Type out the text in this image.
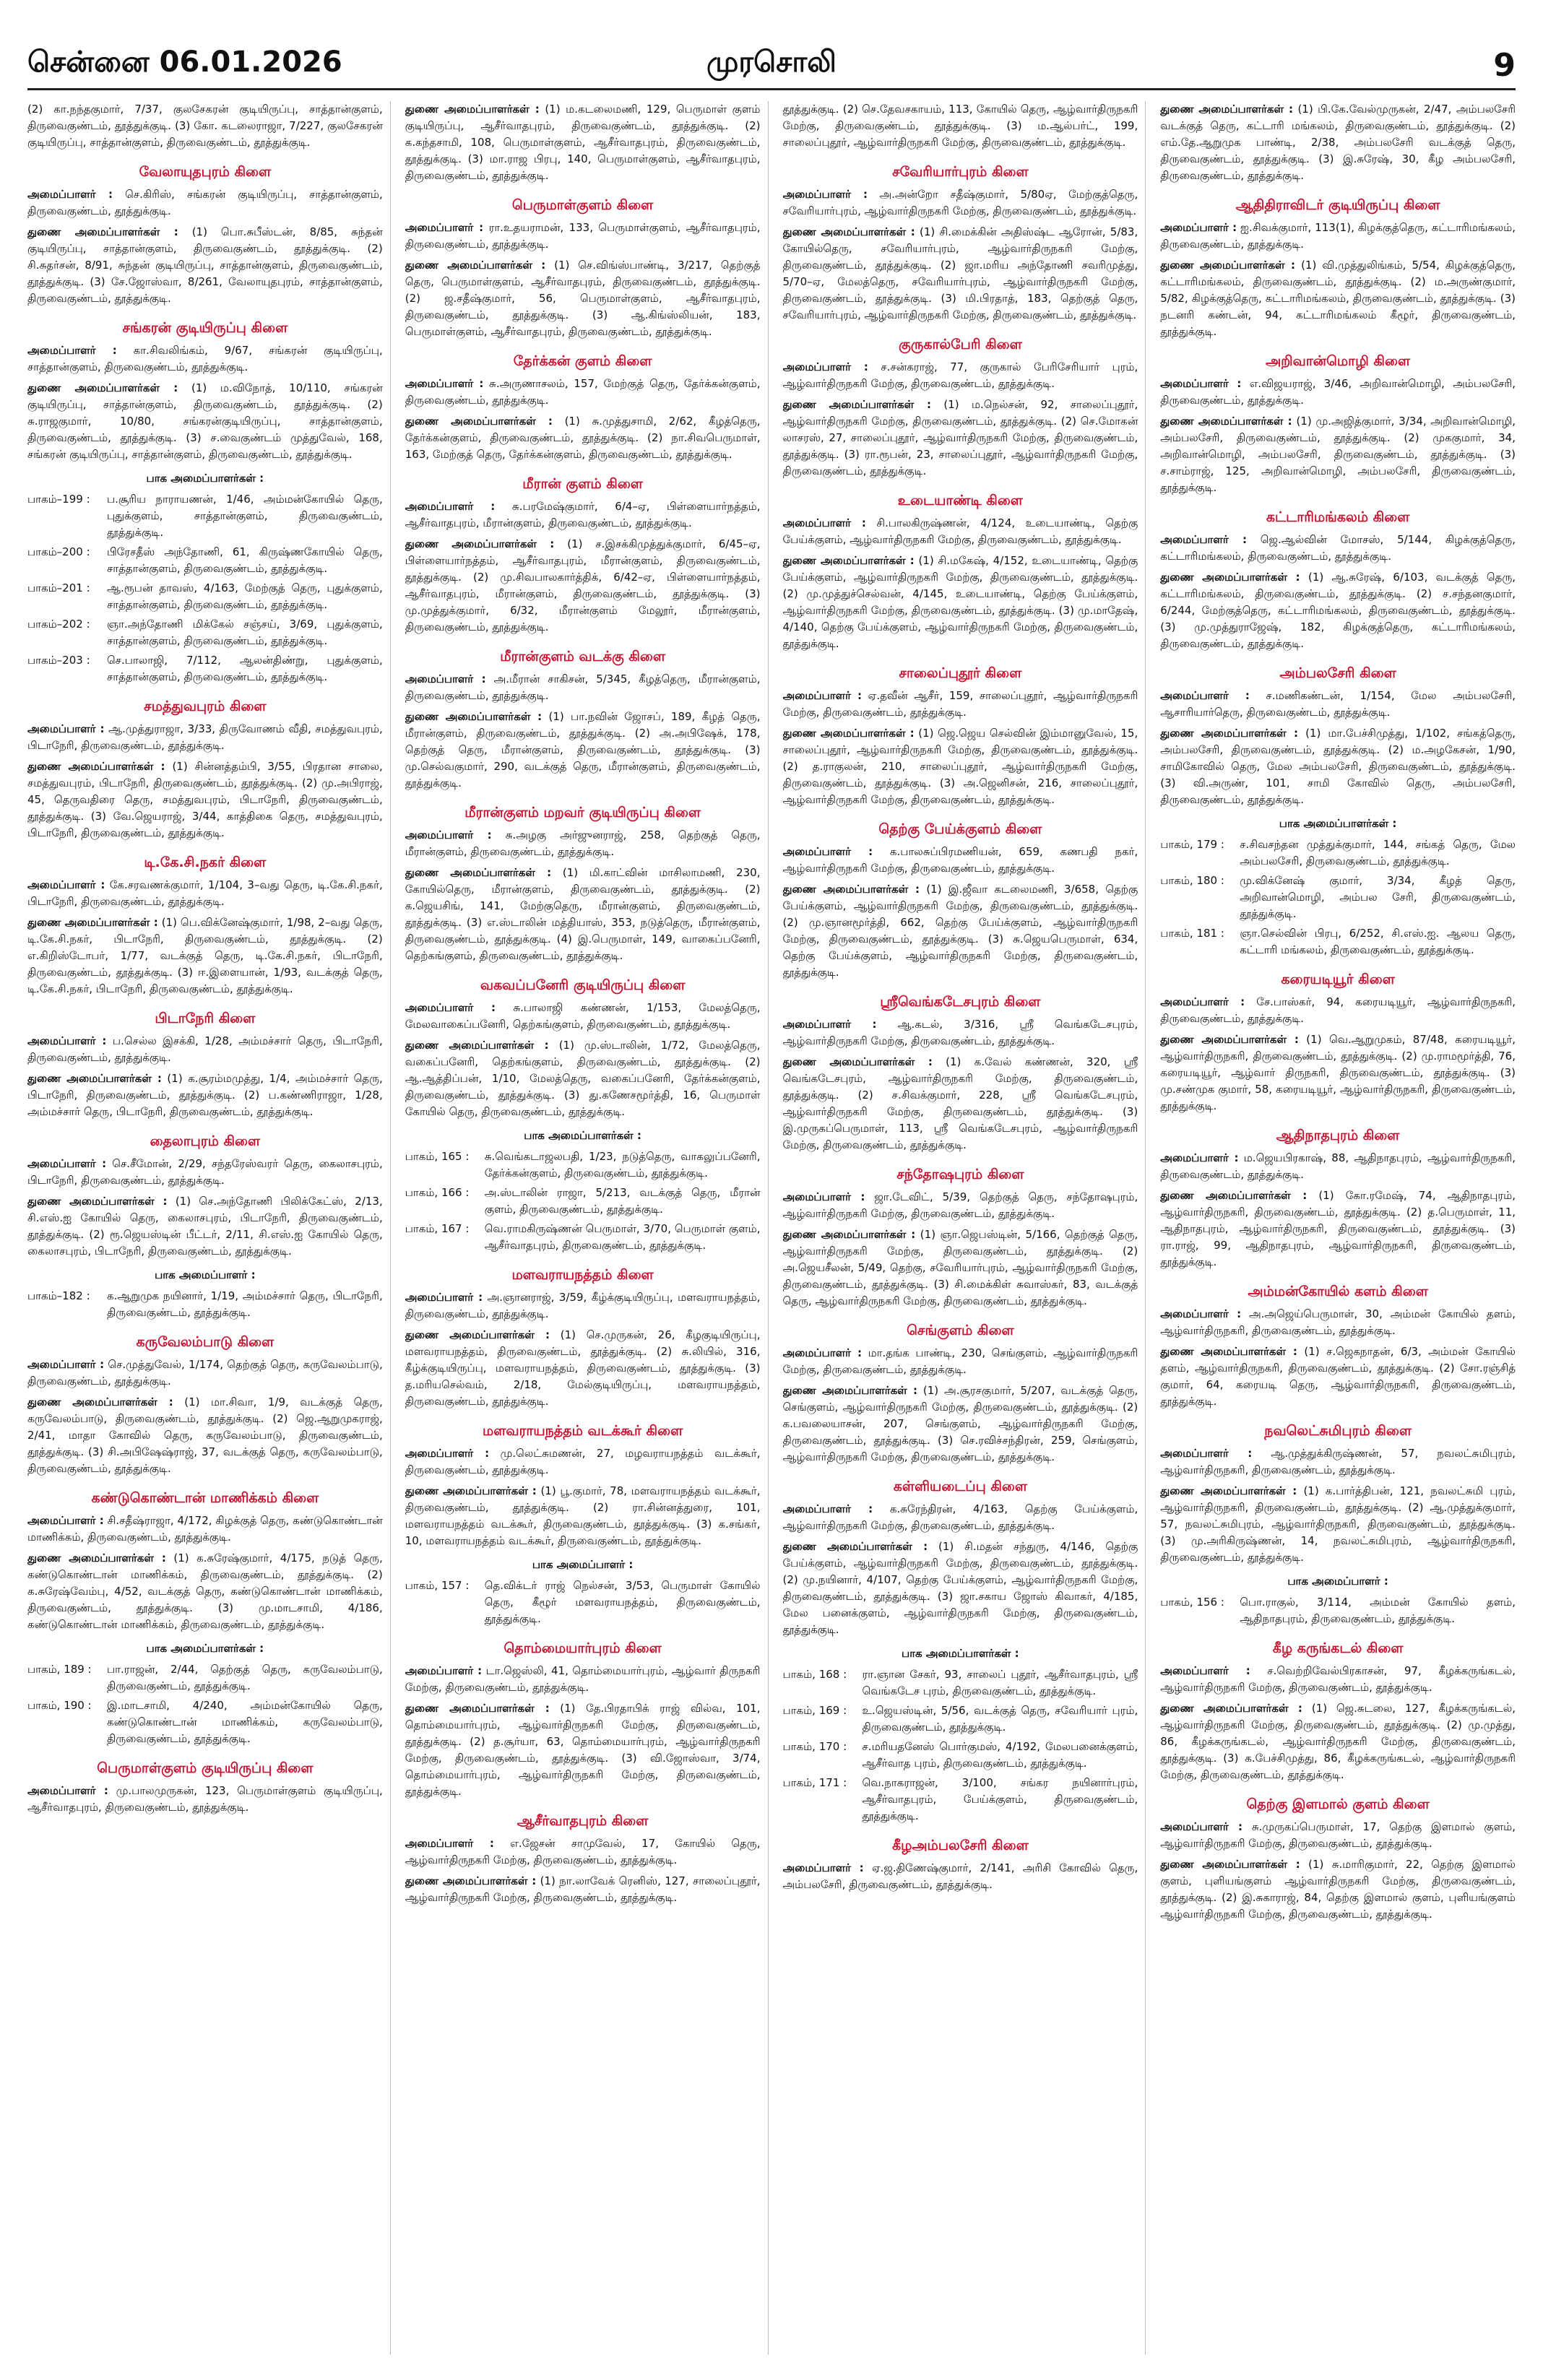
சென்னை 06.01.2026	முரசொலி	9

(2) கா.நந்தகுமார், 7/37, குலசேகரன் குடியிருப்பு, சாத்தான்குளம், திருவைகுண்டம், தூத்துக்குடி. (3) கோ. கடலைராஜா, 7/227, குலசேகரன் குடியிருப்பு, சாத்தான்குளம், திருவைகுண்டம், தூத்துக்குடி.

வேலாயுதபுரம் கிளை

அமைப்பாளர் : செ.கிரிஸ், சங்கரன் குடியிருப்பு, சாத்தான்குளம், திருவைகுண்டம், தூத்துக்குடி.

துணை அமைப்பாளர்கள் : (1) பொ.சுபீஸ்டன், 8/85, சுந்தன் குடியிருப்பு, சாத்தான்குளம், திருவைகுண்டம், தூத்துக்குடி. (2) சி.சுதர்சன், 8/91, சுந்தன் குடியிருப்பு, சாத்தான்குளம், திருவைகுண்டம், தூத்துக்குடி. (3) சே.ஜோஸ்வா, 8/261, வேலாயுதபுரம், சாத்தான்குளம், திருவைகுண்டம், தூத்துக்குடி.

சங்கரன் குடியிருப்பு கிளை

அமைப்பாளர் : கா.சிவலிங்கம், 9/67, சங்கரன் குடியிருப்பு, சாத்தான்குளம், திருவைகுண்டம், தூத்துக்குடி.

துணை அமைப்பாளர்கள் : (1) ம.விநோத், 10/110, சங்கரன் குடியிருப்பு, சாத்தான்குளம், திருவைகுண்டம், தூத்துக்குடி. (2) சு.ராஜகுமார், 10/80, சங்கரன்குடியிருப்பு, சாத்தான்குளம், திருவைகுண்டம், தூத்துக்குடி. (3) ச.வைகுண்டம் முத்துவேல், 168, சங்கரன் குடியிருப்பு, சாத்தான்குளம், திருவைகுண்டம், தூத்துக்குடி.

பாக அமைப்பாளர்கள் :
பாகம்–199 :	ப.சூரிய நாராயணன், 1/46, அம்மன்கோயில் தெரு, புதுக்குளம், சாத்தான்குளம், திருவைகுண்டம், தூத்துக்குடி.
பாகம்–200 :	பிரேசதீஸ் அந்தோணி, 61, கிருஷ்ணகோயில் தெரு, சாத்தான்குளம், திருவைகுண்டம், தூத்துக்குடி.
பாகம்–201 :	ஆ.ரூபன் தாவஸ், 4/163, மேற்குத் தெரு, புதுக்குளம், சாத்தான்குளம், திருவைகுண்டம், தூத்துக்குடி.
பாகம்–202 :	ஞா.அந்தோணி மிக்கேல் சஞ்சய், 3/69, புதுக்குளம், சாத்தான்குளம், திருவைகுண்டம், தூத்துக்குடி.
பாகம்–203 :	செ.பாலாஜி, 7/112, ஆலன்திண்று, புதுக்குளம், சாத்தான்குளம், திருவைகுண்டம், தூத்துக்குடி.
சமத்துவபுரம் கிளை

அமைப்பாளர் : ஆ.முத்துராஜா, 3/33, திருவோணம் வீதி, சமத்துவபுரம், பிடாநேரி, திருவைகுண்டம், தூத்துக்குடி.

துணை அமைப்பாளர்கள் : (1) சின்னத்தம்பி, 3/55, பிரதான சாலை, சமத்துவபுரம், பிடாநேரி, திருவைகுண்டம், தூத்துக்குடி. (2) மு.அபிராஜ், 45, தெருவதிரை தெரு, சமத்துவபுரம், பிடாநேரி, திருவைகுண்டம், தூத்துக்குடி. (3) வே.ஜெயராஜ், 3/44, காத்திகை தெரு, சமத்துவபுரம், பிடாநேரி, திருவைகுண்டம், தூத்துக்குடி.

டி.கே.சி.நகர் கிளை

அமைப்பாளர் : கே.சரவணக்குமார், 1/104, 3–வது தெரு, டி.கே.சி.நகர், பிடாநேரி, திருவைகுண்டம், தூத்துக்குடி.

துணை அமைப்பாளர்கள் : (1) பெ.விக்னேஷ்குமார், 1/98, 2–வது தெரு, டி.கே.சி.நகர், பிடாநேரி, திருவைகுண்டம், தூத்துக்குடி. (2) எ.கிறிஸ்டோபர், 1/77, வடக்குத் தெரு, டி.கே.சி.நகர், பிடாநேரி, திருவைகுண்டம், தூத்துக்குடி. (3) ஈ.இளையான், 1/93, வடக்குத் தெரு, டி.கே.சி.நகர், பிடாநேரி, திருவைகுண்டம், தூத்துக்குடி.

பிடாநேரி கிளை

அமைப்பாளர் : ப.செல்ல இசக்கி, 1/28, அம்மச்சார் தெரு, பிடாநேரி, திருவைகுண்டம், தூத்துக்குடி.

துணை அமைப்பாளர்கள் : (1) க.சூரம்மமுத்து, 1/4, அம்மச்சார் தெரு, பிடாநேரி, திருவைகுண்டம், தூத்துக்குடி. (2) ப.கண்ணிராஜா, 1/28, அம்மச்சார் தெரு, பிடாநேரி, திருவைகுண்டம், தூத்துக்குடி.

தைலாபுரம் கிளை

அமைப்பாளர் : செ.சீமோன், 2/29, சந்தரேஸ்வரர் தெரு, கைலாசபுரம், பிடாநேரி, திருவைகுண்டம், தூத்துக்குடி.

துணை அமைப்பாளர்கள் : (1) செ.அந்தோணி பிலிக்கேட்ஸ், 2/13, சி.எஸ்.ஐ கோயில் தெரு, கைலாசபுரம், பிடாநேரி, திருவைகுண்டம், தூத்துக்குடி. (2) ரூ.ஜெயஸ்டின் பீட்டர், 2/11, சி.எஸ்.ஐ கோயில் தெரு, கைலாசபுரம், பிடாநேரி, திருவைகுண்டம், தூத்துக்குடி.

பாக அமைப்பாளர் :
பாகம்–182 :	க.ஆறுமுக நயினார், 1/19, அம்மச்சார் தெரு, பிடாநேரி, திருவைகுண்டம், தூத்துக்குடி.
கருவேலம்பாடு கிளை

அமைப்பாளர் : செ.முத்துவேல், 1/174, தெற்குத் தெரு, கருவேலம்பாடு, திருவைகுண்டம், தூத்துக்குடி.

துணை அமைப்பாளர்கள் : (1) மா.சிவா, 1/9, வடக்குத் தெரு, கருவேலம்பாடு, திருவைகுண்டம், தூத்துக்குடி. (2) ஜெ.ஆறுமுகராஜ், 2/41, மாதா கோவில் தெரு, கருவேலம்பாடு, திருவைகுண்டம், தூத்துக்குடி. (3) சி.அபிஷேஷ்ராஜ், 37, வடக்குத் தெரு, கருவேலம்பாடு, திருவைகுண்டம், தூத்துக்குடி.

கண்டுகொண்டான் மாணிக்கம் கிளை

அமைப்பாளர் : சி.சதீஷ்ராஜா, 4/172, கிழக்குத் தெரு, கண்டுகொண்டான் மாணிக்கம், திருவைகுண்டம், தூத்துக்குடி.

துணை அமைப்பாளர்கள் : (1) க.சுரேஷ்குமார், 4/175, நடுத் தெரு, கண்டுகொண்டான் மாணிக்கம், திருவைகுண்டம், தூத்துக்குடி. (2) க.சுரேஷ்வேம்பு, 4/52, வடக்குத் தெரு, கண்டுகொண்டான் மாணிக்கம், திருவைகுண்டம், தூத்துக்குடி. (3) மு.மாடசாமி, 4/186, கண்டுகொண்டான் மாணிக்கம், திருவைகுண்டம், தூத்துக்குடி.

பாக அமைப்பாளர்கள் :
பாகம், 189 :	பா.ராஜன், 2/44, தெற்குத் தெரு, கருவேலம்பாடு, திருவைகுண்டம், தூத்துக்குடி.
பாகம், 190 :	இ.மாடசாமி, 4/240, அம்மன்கோயில் தெரு, கண்டுகொண்டான் மாணிக்கம், கருவேலம்பாடு, திருவைகுண்டம், தூத்துக்குடி.
பெருமாள்குளம் குடியிருப்பு கிளை

அமைப்பாளர் : மு.பாலமுருகன், 123, பெருமாள்குளம் குடியிருப்பு, ஆசீர்வாதபுரம், திருவைகுண்டம், தூத்துக்குடி.

துணை அமைப்பாளர்கள் : (1) ம.கடலைமணி, 129, பெருமாள் குளம் குடியிருப்பு, ஆசீர்வாதபுரம், திருவைகுண்டம், தூத்துக்குடி. (2) க.கந்தசாமி, 108, பெருமாள்குளம், ஆசீர்வாதபுரம், திருவைகுண்டம், தூத்துக்குடி. (3) மா.ராஜ பிரபு, 140, பெருமாள்குளம், ஆசீர்வாதபுரம், திருவைகுண்டம், தூத்துக்குடி.

பெருமாள்குளம் கிளை

அமைப்பாளர் : ரா.உதயராமன், 133, பெருமாள்குளம், ஆசீர்வாதபுரம், திருவைகுண்டம், தூத்துக்குடி.

துணை அமைப்பாளர்கள் : (1) செ.விங்ஸ்பாண்டி, 3/217, தெற்குத் தெரு, பெருமாள்குளம், ஆசீர்வாதபுரம், திருவைகுண்டம், தூத்துக்குடி. (2) ஜ.சதீஷ்குமார், 56, பெருமாள்குளம், ஆசீர்வாதபுரம், திருவைகுண்டம், தூத்துக்குடி. (3) ஆ.கிங்ஸ்லியன், 183, பெருமாள்குளம், ஆசீர்வாதபுரம், திருவைகுண்டம், தூத்துக்குடி.

தேர்க்கன் குளம் கிளை

அமைப்பாளர் : சு.அருணாசலம், 157, மேற்குத் தெரு, தேர்க்கன்குளம், திருவைகுண்டம், தூத்துக்குடி.

துணை அமைப்பாளர்கள் : (1) சு.முத்துசாமி, 2/62, கீழத்தெரு, தேர்க்கன்குளம், திருவைகுண்டம், தூத்துக்குடி. (2) நா.சிவபெருமாள், 163, மேற்குத் தெரு, தேர்க்கன்குளம், திருவைகுண்டம், தூத்துக்குடி.

மீரான் குளம் கிளை

அமைப்பாளர் : சு.பரமேஷ்குமார், 6/4–ஏ, பிள்ளையார்நத்தம், ஆசீர்வாதபுரம், மீரான்குளம், திருவைகுண்டம், தூத்துக்குடி.

துணை அமைப்பாளர்கள் : (1) ச.இசக்கிமுத்துக்குமார், 6/45–ஏ, பிள்ளையார்நத்தம், ஆசீர்வாதபுரம், மீரான்குளம், திருவைகுண்டம், தூத்துக்குடி. (2) மு.சிவபாலகார்த்திக், 6/42–ஏ, பிள்ளையார்நத்தம், ஆசீர்வாதபுரம், மீரான்குளம், திருவைகுண்டம், தூத்துக்குடி. (3) மு.முத்துக்குமார், 6/32, மீரான்குளம் மேலூர், மீரான்குளம், திருவைகுண்டம், தூத்துக்குடி.

மீரான்குளம் வடக்கு கிளை

அமைப்பாளர் : அ.மீரான் சாகிசன், 5/345, கீழத்தெரு, மீரான்குளம், திருவைகுண்டம், தூத்துக்குடி.

துணை அமைப்பாளர்கள் : (1) பா.நவின் ஜோசப், 189, கீழத் தெரு, மீரான்குளம், திருவைகுண்டம், தூத்துக்குடி. (2) அ.அபிஷேக், 178, தெற்குத் தெரு, மீரான்குளம், திருவைகுண்டம், தூத்துக்குடி. (3) மு.செல்வகுமார், 290, வடக்குத் தெரு, மீரான்குளம், திருவைகுண்டம், தூத்துக்குடி.

மீரான்குளம் மறவர் குடியிருப்பு கிளை

அமைப்பாளர் : சு.அழகு அர்ஜுனராஜ், 258, தெற்குத் தெரு, மீரான்குளம், திருவைகுண்டம், தூத்துக்குடி.

துணை அமைப்பாளர்கள் : (1) மி.காட்வின் மாசிலாமணி, 230, கோயில்தெரு, மீரான்குளம், திருவைகுண்டம், தூத்துக்குடி. (2) க.ஜெயசிங், 141, மேற்குதெரு, மீரான்குளம், திருவைகுண்டம், தூத்துக்குடி. (3) எ.ஸ்டாலின் மத்தியாஸ், 353, நடுத்தெரு, மீரான்குளம், திருவைகுண்டம், தூத்துக்குடி. (4) இ.பெருமாள், 149, வாகைப்பனேரி, தெற்கங்குளம், திருவைகுண்டம், தூத்துக்குடி.

வகவப்பனேரி குடியிருப்பு கிளை

அமைப்பாளர் : சு.பாலாஜி கண்ணன், 1/153, மேலத்தெரு, மேலவாகைப்பனேரி, தெற்கங்குளம், திருவைகுண்டம், தூத்துக்குடி.

துணை அமைப்பாளர்கள் : (1) மு.ஸ்டாலின், 1/72, மேலத்தெரு, வகைப்பனேரி, தெற்கங்குளம், திருவைகுண்டம், தூத்துக்குடி. (2) ஆ.ஆத்திப்பன், 1/10, மேலத்தெரு, வகைப்பனேரி, தேர்க்கன்குளம், திருவைகுண்டம், தூத்துக்குடி. (3) து.கணேசமூர்த்தி, 16, பெருமாள் கோயில் தெரு, திருவைகுண்டம், தூத்துக்குடி.

பாக அமைப்பாளர்கள் :
பாகம், 165 :	சு.வெங்கடாஜலபதி, 1/23, நடுத்தெரு, வாகலுப்பனேரி, தேர்க்கன்குளம், திருவைகுண்டம், தூத்துக்குடி.
பாகம், 166 :	அ.ஸ்டாலின் ராஜா, 5/213, வடக்குத் தெரு, மீரான் குளம், திருவைகுண்டம், தூத்துக்குடி.
பாகம், 167 :	வெ.ராமகிருஷ்ணன் பெருமாள், 3/70, பெருமாள் குளம், ஆசீர்வாதபுரம், திருவைகுண்டம், தூத்துக்குடி.
மளவராயநத்தம் கிளை

அமைப்பாளர் : அ.ஞானராஜ், 3/59, கீழ்க்குடியிருப்பு, மளவராயநத்தம், திருவைகுண்டம், தூத்துக்குடி.

துணை அமைப்பாளர்கள் : (1) செ.முருகன், 26, கீழகுடியிருப்பு, மளவராயநத்தம், திருவைகுண்டம், தூத்துக்குடி. (2) சு.லியில், 316, கீழ்க்குடியிருப்பு, மளவராயநத்தம், திருவைகுண்டம், தூத்துக்குடி. (3) த.மரியசெல்வம், 2/18, மேல்குடியிருப்பு, மளவராயநத்தம், திருவைகுண்டம், தூத்துக்குடி.

மளவராயநத்தம் வடக்கூர் கிளை

அமைப்பாளர் : மு.லெட்சுமணன், 27, மழவராயநத்தம் வடக்கூர், திருவைகுண்டம், தூத்துக்குடி.

துணை அமைப்பாளர்கள் : (1) பூ.குமார், 78, மளவராயநத்தம் வடக்கூர், திருவைகுண்டம், தூத்துக்குடி. (2) ரா.சின்னத்துரை, 101, மளவராயநத்தம் வடக்கூர், திருவைகுண்டம், தூத்துக்குடி. (3) க.சங்கர், 10, மளவராயநத்தம் வடக்கூர், திருவைகுண்டம், தூத்துக்குடி.

பாக அமைப்பாளர் :
பாகம், 157 :	தெ.விக்டர் ராஜ் நெல்சன், 3/53, பெருமாள் கோயில் தெரு, கீழூர் மளவராயநத்தம், திருவைகுண்டம், தூத்துக்குடி.
தொம்மையார்புரம் கிளை

அமைப்பாளர் : டா.ஜெஸ்லி, 41, தொம்மையார்புரம், ஆழ்வார் திருநகரி மேற்கு, திருவைகுண்டம், தூத்துக்குடி.

துணை அமைப்பாளர்கள் : (1) தே.பிரதாபிக் ராஜ் வில்வ, 101, தொம்மையார்புரம், ஆழ்வார்திருநகரி மேற்கு, திருவைகுண்டம், தூத்துக்குடி. (2) த.சூர்யா, 63, தொம்மையார்புரம், ஆழ்வார்திருநகரி மேற்கு, திருவைகுண்டம், தூத்துக்குடி. (3) வி.ஜோஸ்வா, 3/74, தொம்மையார்புரம், ஆழ்வார்திருநகரி மேற்கு, திருவைகுண்டம், தூத்துக்குடி.

ஆசீர்வாதபுரம் கிளை

அமைப்பாளர் : எ.ஜேசன் சாமுவேல், 17, கோயில் தெரு, ஆழ்வார்திருநகரி மேற்கு, திருவைகுண்டம், தூத்துக்குடி.

துணை அமைப்பாளர்கள் : (1) நா.லாவேக் ரெனிஸ், 127, சாலைப்புதூர், ஆழ்வார்திருநகரி மேற்கு, திருவைகுண்டம், தூத்துக்குடி.

தூத்துக்குடி. (2) செ.தேவசகாயம், 113, கோயில் தெரு, ஆழ்வார்திருநகரி மேற்கு, திருவைகுண்டம், தூத்துக்குடி. (3) ம.ஆல்பர்ட், 199, சாலைப்புதூர், ஆழ்வார்திருநகரி மேற்கு, திருவைகுண்டம், தூத்துக்குடி.

சவேரியார்புரம் கிளை

அமைப்பாளர் : அ.அன்றோ சதீஷ்குமார், 5/80ஏ, மேற்குத்தெரு, சவேரியார்புரம், ஆழ்வார்திருநகரி மேற்கு, திருவைகுண்டம், தூத்துக்குடி.

துணை அமைப்பாளர்கள் : (1) சி.மைக்கின் அதிஸ்ஷ்ட ஆரோன், 5/83, கோயில்தெரு, சவேரியார்புரம், ஆழ்வார்திருநகரி மேற்கு, திருவைகுண்டம், தூத்துக்குடி. (2) ஜா.மரிய அந்தோணி சவரிமுத்து, 5/70–ஏ, மேலத்தெரு, சவேரியார்புரம், ஆழ்வார்திருநகரி மேற்கு, திருவைகுண்டம், தூத்துக்குடி. (3) மி.பிரதாத், 183, தெற்குத் தெரு, சவேரியார்புரம், ஆழ்வார்திருநகரி மேற்கு, திருவைகுண்டம், தூத்துக்குடி.

குருகால்பேரி கிளை

அமைப்பாளர் : ச.சன்கராஜ், 77, குருகால் பேரிசேரியார் புரம், ஆழ்வார்திருநகரி மேற்கு, திருவைகுண்டம், தூத்துக்குடி.

துணை அமைப்பாளர்கள் : (1) ம.நெல்சன், 92, சாலைப்புதூர், ஆழ்வார்திருநகரி மேற்கு, திருவைகுண்டம், தூத்துக்குடி. (2) செ.மோகன் லாசரஸ், 27, சாலைப்புதூர், ஆழ்வார்திருநகரி மேற்கு, திருவைகுண்டம், தூத்துக்குடி. (3) ரா.ரூபன், 23, சாலைப்புதூர், ஆழ்வார்திருநகரி மேற்கு, திருவைகுண்டம், தூத்துக்குடி.

உடையாண்டி கிளை

அமைப்பாளர் : சி.பாலகிருஷ்ணன், 4/124, உடையாண்டி, தெற்கு பேய்க்குளம், ஆழ்வார்திருநகரி மேற்கு, திருவைகுண்டம், தூத்துக்குடி.

துணை அமைப்பாளர்கள் : (1) சி.மகேஷ், 4/152, உடையாண்டி, தெற்கு பேய்க்குளம், ஆழ்வார்திருநகரி மேற்கு, திருவைகுண்டம், தூத்துக்குடி. (2) மு.முத்துச்செல்வன், 4/145, உடையாண்டி, தெற்கு பேய்க்குளம், ஆழ்வார்திருநகரி மேற்கு, திருவைகுண்டம், தூத்துக்குடி. (3) மு.மாதேஷ், 4/140, தெற்கு பேய்க்குளம், ஆழ்வார்திருநகரி மேற்கு, திருவைகுண்டம், தூத்துக்குடி.

சாலைப்புதூர் கிளை

அமைப்பாளர் : ஏ.தவீன் ஆசீர், 159, சாலைப்புதூர், ஆழ்வார்திருநகரி மேற்கு, திருவைகுண்டம், தூத்துக்குடி.

துணை அமைப்பாளர்கள் : (1) ஜெ.ஜெய செல்வின் இம்மானுவேல், 15, சாலைப்புதூர், ஆழ்வார்திருநகரி மேற்கு, திருவைகுண்டம், தூத்துக்குடி. (2) த.ராகுலன், 210, சாலைப்புதூர், ஆழ்வார்திருநகரி மேற்கு, திருவைகுண்டம், தூத்துக்குடி. (3) அ.ஜெனிசன், 216, சாலைப்புதூர், ஆழ்வார்திருநகரி மேற்கு, திருவைகுண்டம், தூத்துக்குடி.

தெற்கு பேய்க்குளம் கிளை

அமைப்பாளர் : க.பாலசுப்பிரமணியன், 659, கணபதி நகர், ஆழ்வார்திருநகரி மேற்கு, திருவைகுண்டம், தூத்துக்குடி.

துணை அமைப்பாளர்கள் : (1) இ.ஜீவா கடலைமணி, 3/658, தெற்கு பேய்க்குளம், ஆழ்வார்திருநகரி மேற்கு, திருவைகுண்டம், தூத்துக்குடி. (2) மு.ஞானமூர்த்தி, 662, தெற்கு பேய்க்குளம், ஆழ்வார்திருநகரி மேற்கு, திருவைகுண்டம், தூத்துக்குடி. (3) சு.ஜெயபெருமாள், 634, தெற்கு பேய்க்குளம், ஆழ்வார்திருநகரி மேற்கு, திருவைகுண்டம், தூத்துக்குடி.

ஸ்ரீவெங்கடேசபுரம் கிளை

அமைப்பாளர் : ஆ.கடல், 3/316, ஸ்ரீ வெங்கடேசபுரம், ஆழ்வார்திருநகரி மேற்கு, திருவைகுண்டம், தூத்துக்குடி.

துணை அமைப்பாளர்கள் : (1) க.வேல் கண்ணன், 320, ஸ்ரீ வெங்கடேசபுரம், ஆழ்வார்திருநகரி மேற்கு, திருவைகுண்டம், தூத்துக்குடி. (2) ச.சிவக்குமார், 228, ஸ்ரீ வெங்கடேசபுரம், ஆழ்வார்திருநகரி மேற்கு, திருவைகுண்டம், தூத்துக்குடி. (3) இ.முருகப்பெருமாள், 113, ஸ்ரீ வெங்கடேசபுரம், ஆழ்வார்திருநகரி மேற்கு, திருவைகுண்டம், தூத்துக்குடி.

சந்தோஷபுரம் கிளை

அமைப்பாளர் : ஜா.டேவிட், 5/39, தெற்குத் தெரு, சந்தோஷபுரம், ஆழ்வார்திருநகரி மேற்கு, திருவைகுண்டம், தூத்துக்குடி.

துணை அமைப்பாளர்கள் : (1) ஞா.ஜெபஸ்டின், 5/166, தெற்குத் தெரு, ஆழ்வார்திருநகரி மேற்கு, திருவைகுண்டம், தூத்துக்குடி. (2) அ.ஜெயசீலன், 5/49, தெற்கு, சவேரியார்புரம், ஆழ்வார்திருநகரி மேற்கு, திருவைகுண்டம், தூத்துக்குடி. (3) சி.மைக்கிள் சுவாஸ்கர், 83, வடக்குத் தெரு, ஆழ்வார்திருநகரி மேற்கு, திருவைகுண்டம், தூத்துக்குடி.

செங்குளம் கிளை

அமைப்பாளர் : மா.தங்க பாண்டி, 230, செங்குளம், ஆழ்வார்திருநகரி மேற்கு, திருவைகுண்டம், தூத்துக்குடி.

துணை அமைப்பாளர்கள் : (1) அ.சூரசகுமார், 5/207, வடக்குத் தெரு, செங்குளம், ஆழ்வார்திருநகரி மேற்கு, திருவைகுண்டம், தூத்துக்குடி. (2) க.பவலையாசன், 207, செங்குளம், ஆழ்வார்திருநகரி மேற்கு, திருவைகுண்டம், தூத்துக்குடி. (3) செ.ரவிச்சந்திரன், 259, செங்குளம், ஆழ்வார்திருநகரி மேற்கு, திருவைகுண்டம், தூத்துக்குடி.

கள்ளியடைப்பு கிளை

அமைப்பாளர் : க.சுரேந்திரன், 4/163, தெற்கு பேய்க்குளம், ஆழ்வார்திருநகரி மேற்கு, திருவைகுண்டம், தூத்துக்குடி.

துணை அமைப்பாளர்கள் : (1) சி.மதன் சந்துரு, 4/146, தெற்கு பேய்க்குளம், ஆழ்வார்திருநகரி மேற்கு, திருவைகுண்டம், தூத்துக்குடி. (2) மு.நயினார், 4/107, தெற்கு பேய்க்குளம், ஆழ்வார்திருநகரி மேற்கு, திருவைகுண்டம், தூத்துக்குடி. (3) ஜா.சகாய ஜோஸ் கிவாகர், 4/185, மேல பனைக்குளம், ஆழ்வார்திருநகரி மேற்கு, திருவைகுண்டம், தூத்துக்குடி.

பாக அமைப்பாளர்கள் :
பாகம், 168 :	ரா.ஞான சேகர், 93, சாலைப் புதூர், ஆசீர்வாதபுரம், ஸ்ரீ வெங்கடேச புரம், திருவைகுண்டம், தூத்துக்குடி.
பாகம், 169 :	உ.ஜெயஸ்டின், 5/56, வடக்குத் தெரு, சவேரியார் புரம், திருவைகுண்டம், தூத்துக்குடி.
பாகம், 170 :	ச.மரியதனேஸ் பொர்குமஸ், 4/192, மேலபனைக்குளம், ஆசீர்வாத புரம், திருவைகுண்டம், தூத்துக்குடி.
பாகம், 171 :	வெ.நாகராஜன், 3/100, சங்கர நயினார்புரம், ஆசீர்வாதபுரம், பேய்க்குளம், திருவைகுண்டம், தூத்துக்குடி.
கீழஅம்பலசேரி கிளை

அமைப்பாளர் : ஏ.ஜ.திணேஷ்குமார், 2/141, அரிசி கோவில் தெரு, அம்பலசேரி, திருவைகுண்டம், தூத்துக்குடி.

துணை அமைப்பாளர்கள் : (1) பி.கே.வேல்முருகன், 2/47, அம்பலசேரி வடக்குத் தெரு, கட்டாரி மங்கலம், திருவைகுண்டம், தூத்துக்குடி. (2) எம்.தே.ஆறுமுக பாண்டி, 2/38, அம்பலசேரி வடக்குத் தெரு, திருவைகுண்டம், தூத்துக்குடி. (3) இ.சுரேஷ், 30, கீழ அம்பலசேரி, திருவைகுண்டம், தூத்துக்குடி.

ஆதிதிராவிடர் குடியிருப்பு கிளை

அமைப்பாளர் : ஐ.சிவக்குமார், 113(1), கிழக்குத்தெரு, கட்டாரிமங்கலம், திருவைகுண்டம், தூத்துக்குடி.

துணை அமைப்பாளர்கள் : (1) வி.முத்துலிங்கம், 5/54, கிழக்குத்தெரு, கட்டாரிமங்கலம், திருவைகுண்டம், தூத்துக்குடி. (2) ம.அருண்குமார், 5/82, கிழக்குத்தெரு, கட்டாரிமங்கலம், திருவைகுண்டம், தூத்துக்குடி. (3) நடனரி கண்டன், 94, கட்டாரிமங்கலம் கீழூர், திருவைகுண்டம், தூத்துக்குடி.

அறிவான்மொழி கிளை

அமைப்பாளர் : எ.விஜயராஜ், 3/46, அறிவான்மொழி, அம்பலசேரி, திருவைகுண்டம், தூத்துக்குடி.

துணை அமைப்பாளர்கள் : (1) மு.அஜித்குமார், 3/34, அறிவான்மொழி, அம்பலசேரி, திருவைகுண்டம், தூத்துக்குடி. (2) முககுமார், 34, அறிவான்மொழி, அம்பலசேரி, திருவைகுண்டம், தூத்துக்குடி. (3) ச.சாம்ராஜ், 125, அறிவான்மொழி, அம்பலசேரி, திருவைகுண்டம், தூத்துக்குடி.

கட்டாரிமங்கலம் கிளை

அமைப்பாளர் : ஜெ.ஆல்வின் மோசஸ், 5/144, கிழக்குத்தெரு, கட்டாரிமங்கலம், திருவைகுண்டம், தூத்துக்குடி.

துணை அமைப்பாளர்கள் : (1) ஆ.சுரேஷ், 6/103, வடக்குத் தெரு, கட்டாரிமங்கலம், திருவைகுண்டம், தூத்துக்குடி. (2) ச.சந்தனகுமார், 6/244, மேற்குத்தெரு, கட்டாரிமங்கலம், திருவைகுண்டம், தூத்துக்குடி. (3) மு.முத்துராஜேஷ், 182, கிழக்குத்தெரு, கட்டாரிமங்கலம், திருவைகுண்டம், தூத்துக்குடி.

அம்பலசேரி கிளை

அமைப்பாளர் : ச.மணிகண்டன், 1/154, மேல அம்பலசேரி, ஆசாரியார்தெரு, திருவைகுண்டம், தூத்துக்குடி.

துணை அமைப்பாளர்கள் : (1) மா.பேச்சிமுத்து, 1/102, சங்கத்தெரு, அம்பலசேரி, திருவைகுண்டம், தூத்துக்குடி. (2) ம.அழகேசன், 1/90, சாமிகோவில் தெரு, மேல அம்பலசேரி, திருவைகுண்டம், தூத்துக்குடி. (3) வி.அருண், 101, சாமி கோவில் தெரு, அம்பலசேரி, திருவைகுண்டம், தூத்துக்குடி.

பாக அமைப்பாளர்கள் :
பாகம், 179 :	ச.சிவசந்தன முத்துக்குமார், 144, சங்கத் தெரு, மேல அம்பலசேரி, திருவைகுண்டம், தூத்துக்குடி.
பாகம், 180 :	மு.விக்னேஷ் குமார், 3/34, கீழத் தெரு, அறிவான்மொழி, அம்பல சேரி, திருவைகுண்டம், தூத்துக்குடி.
பாகம், 181 :	ஞா.செல்வின் பிரபு, 6/252, சி.எஸ்.ஐ. ஆலய தெரு, கட்டாரி மங்கலம், திருவைகுண்டம், தூத்துக்குடி.
கரையடியூர் கிளை

அமைப்பாளர் : சே.பாஸ்கர், 94, கரையடியூர், ஆழ்வார்திருநகரி, திருவைகுண்டம், தூத்துக்குடி.

துணை அமைப்பாளர்கள் : (1) வெ.ஆறுமுகம், 87/48, கரையடியூர், ஆழ்வார்திருநகரி, திருவைகுண்டம், தூத்துக்குடி. (2) மு.ராமமூர்த்தி, 76, கரையடியூர், ஆழ்வார் திருநகரி, திருவைகுண்டம், தூத்துக்குடி. (3) மு.சண்முக குமார், 58, கரையடியூர், ஆழ்வார்திருநகரி, திருவைகுண்டம், தூத்துக்குடி.

ஆதிநாதபுரம் கிளை

அமைப்பாளர் : ம.ஜெயபிரகாஷ், 88, ஆதிநாதபுரம், ஆழ்வார்திருநகரி, திருவைகுண்டம், தூத்துக்குடி.

துணை அமைப்பாளர்கள் : (1) கோ.ரமேஷ், 74, ஆதிநாதபுரம், ஆழ்வார்திருநகரி, திருவைகுண்டம், தூத்துக்குடி. (2) த.பெருமாள், 11, ஆதிநாதபுரம், ஆழ்வார்திருநகரி, திருவைகுண்டம், தூத்துக்குடி. (3) ரா.ராஜ், 99, ஆதிநாதபுரம், ஆழ்வார்திருநகரி, திருவைகுண்டம், தூத்துக்குடி.

அம்மன்கோயில் களம் கிளை

அமைப்பாளர் : அ.அஜெய்பெருமாள், 30, அம்மன் கோயில் தளம், ஆழ்வார்திருநகரி, திருவைகுண்டம், தூத்துக்குடி.

துணை அமைப்பாளர்கள் : (1) ச.ஜெகநாதன், 6/3, அம்மன் கோயில் தளம், ஆழ்வார்திருநகரி, திருவைகுண்டம், தூத்துக்குடி. (2) சோ.ரஞ்சித் குமார், 64, கரையடி தெரு, ஆழ்வார்திருநகரி, திருவைகுண்டம், தூத்துக்குடி.

நவலெட்சுமிபுரம் கிளை

அமைப்பாளர் : ஆ.முத்துக்கிருஷ்ணன், 57, நவலட்சுமிபுரம், ஆழ்வார்திருநகரி, திருவைகுண்டம், தூத்துக்குடி.

துணை அமைப்பாளர்கள் : (1) க.பார்த்திபன், 121, நவலட்சுமி புரம், ஆழ்வார்திருநகரி, திருவைகுண்டம், தூத்துக்குடி. (2) ஆ.முத்துக்குமார், 57, நவலட்சுமிபுரம், ஆழ்வார்திருநகரி, திருவைகுண்டம், தூத்துக்குடி. (3) மு.அரிகிருஷ்ணன், 14, நவலட்சுமிபுரம், ஆழ்வார்திருநகரி, திருவைகுண்டம், தூத்துக்குடி.

பாக அமைப்பாளர் :
பாகம், 156 :	பொ.ராகுல், 3/114, அம்மன் கோயில் தளம், ஆதிநாதபுரம், திருவைகுண்டம், தூத்துக்குடி.
கீழ கருங்கடல் கிளை

அமைப்பாளர் : ச.வெற்றிவேல்பிரகாசன், 97, கீழக்கருங்கடல், ஆழ்வார்திருநகரி மேற்கு, திருவைகுண்டம், தூத்துக்குடி.

துணை அமைப்பாளர்கள் : (1) ஜெ.சுடலை, 127, கீழக்கருங்கடல், ஆழ்வார்திருநகரி மேற்கு, திருவைகுண்டம், தூத்துக்குடி. (2) மு.முத்து, 86, கீழக்கருங்கடல், ஆழ்வார்திருநகரி மேற்கு, திருவைகுண்டம், தூத்துக்குடி. (3) க.பேச்சிமுத்து, 86, கீழக்கருங்கடல், ஆழ்வார்திருநகரி மேற்கு, திருவைகுண்டம், தூத்துக்குடி.

தெற்கு இளமால் குளம் கிளை

அமைப்பாளர் : சு.முருகப்பெருமாள், 17, தெற்கு இளமால் குளம், ஆழ்வார்திருநகரி மேற்கு, திருவைகுண்டம், தூத்துக்குடி.

துணை அமைப்பாளர்கள் : (1) சு.மாரிகுமார், 22, தெற்கு இளமால் குளம், புளியங்குளம் ஆழ்வார்திருநகரி மேற்கு, திருவைகுண்டம், தூத்துக்குடி. (2) இ.சுகாராஜ், 84, தெற்கு இளமால் குளம், புளியங்குளம் ஆழ்வார்திருநகரி மேற்கு, திருவைகுண்டம், தூத்துக்குடி.
